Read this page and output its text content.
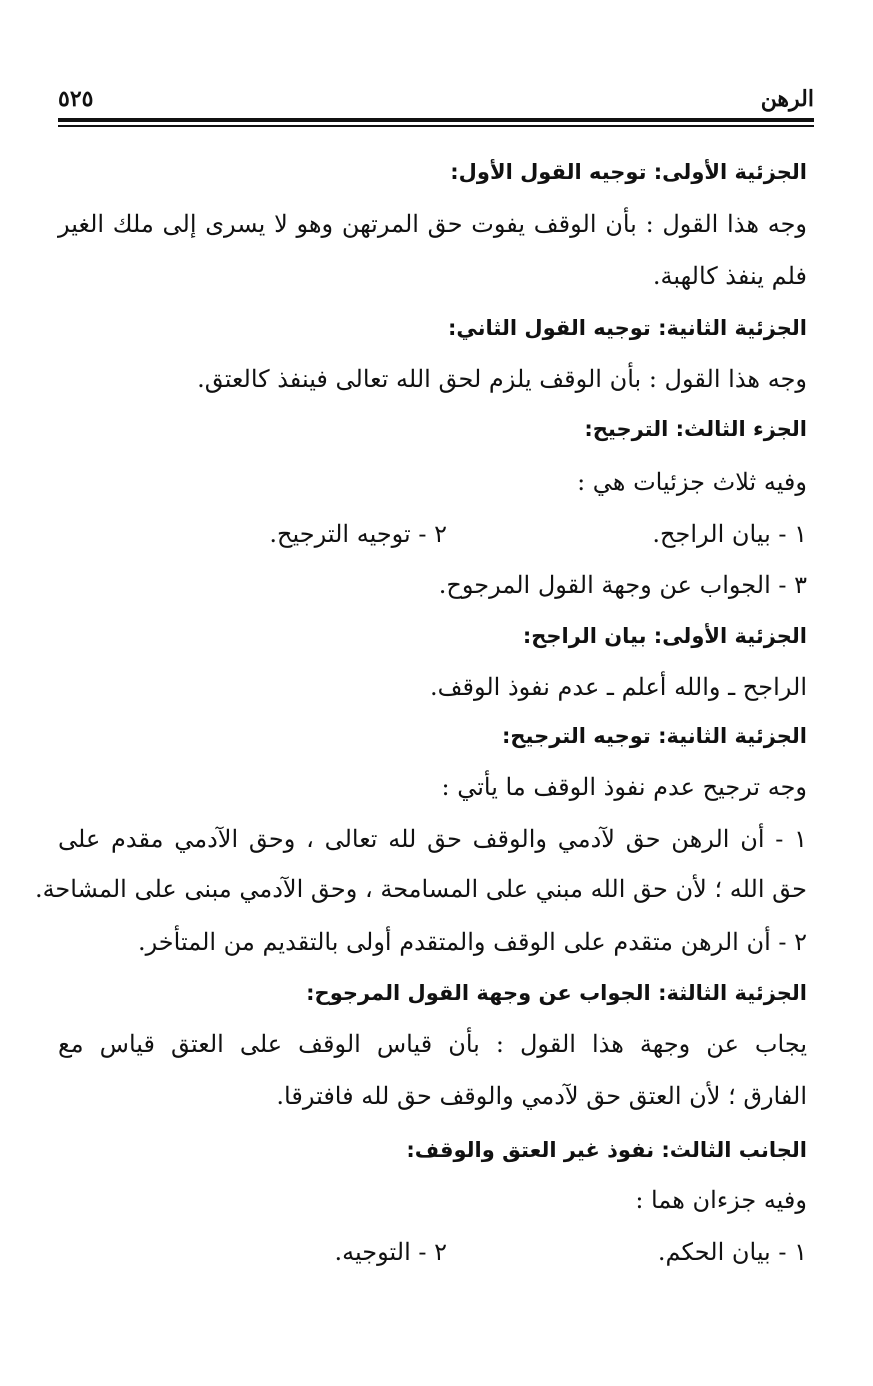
الرهن
٥٢٥
الجزئية الأولى: توجيه القول الأول:
وجه هذا القول : بأن الوقف يفوت حق المرتهن وهو لا يسرى إلى ملك الغير
فلم ينفذ كالهبة.
الجزئية الثانية: توجيه القول الثاني:
وجه هذا القول : بأن الوقف يلزم لحق الله تعالى فينفذ كالعتق.
الجزء الثالث: الترجيح:
وفيه ثلاث جزئيات هي :
١ - بيان الراجح.
٢ - توجيه الترجيح.
٣ - الجواب عن وجهة القول المرجوح.
الجزئية الأولى: بيان الراجح:
الراجح ـ والله أعلم ـ عدم نفوذ الوقف.
الجزئية الثانية: توجيه الترجيح:
وجه ترجيح عدم نفوذ الوقف ما يأتي :
١ - أن الرهن حق لآدمي والوقف حق لله تعالى ، وحق الآدمي مقدم على
حق الله ؛ لأن حق الله مبني على المسامحة ، وحق الآدمي مبنى على المشاحة.
٢ - أن الرهن متقدم على الوقف والمتقدم أولى بالتقديم من المتأخر.
الجزئية الثالثة: الجواب عن وجهة القول المرجوح:
يجاب عن وجهة هذا القول : بأن قياس الوقف على العتق قياس مع
الفارق ؛ لأن العتق حق لآدمي والوقف حق لله فافترقا.
الجانب الثالث: نفوذ غير العتق والوقف:
وفيه جزءان هما :
١ - بيان الحكم.
٢ - التوجيه.
